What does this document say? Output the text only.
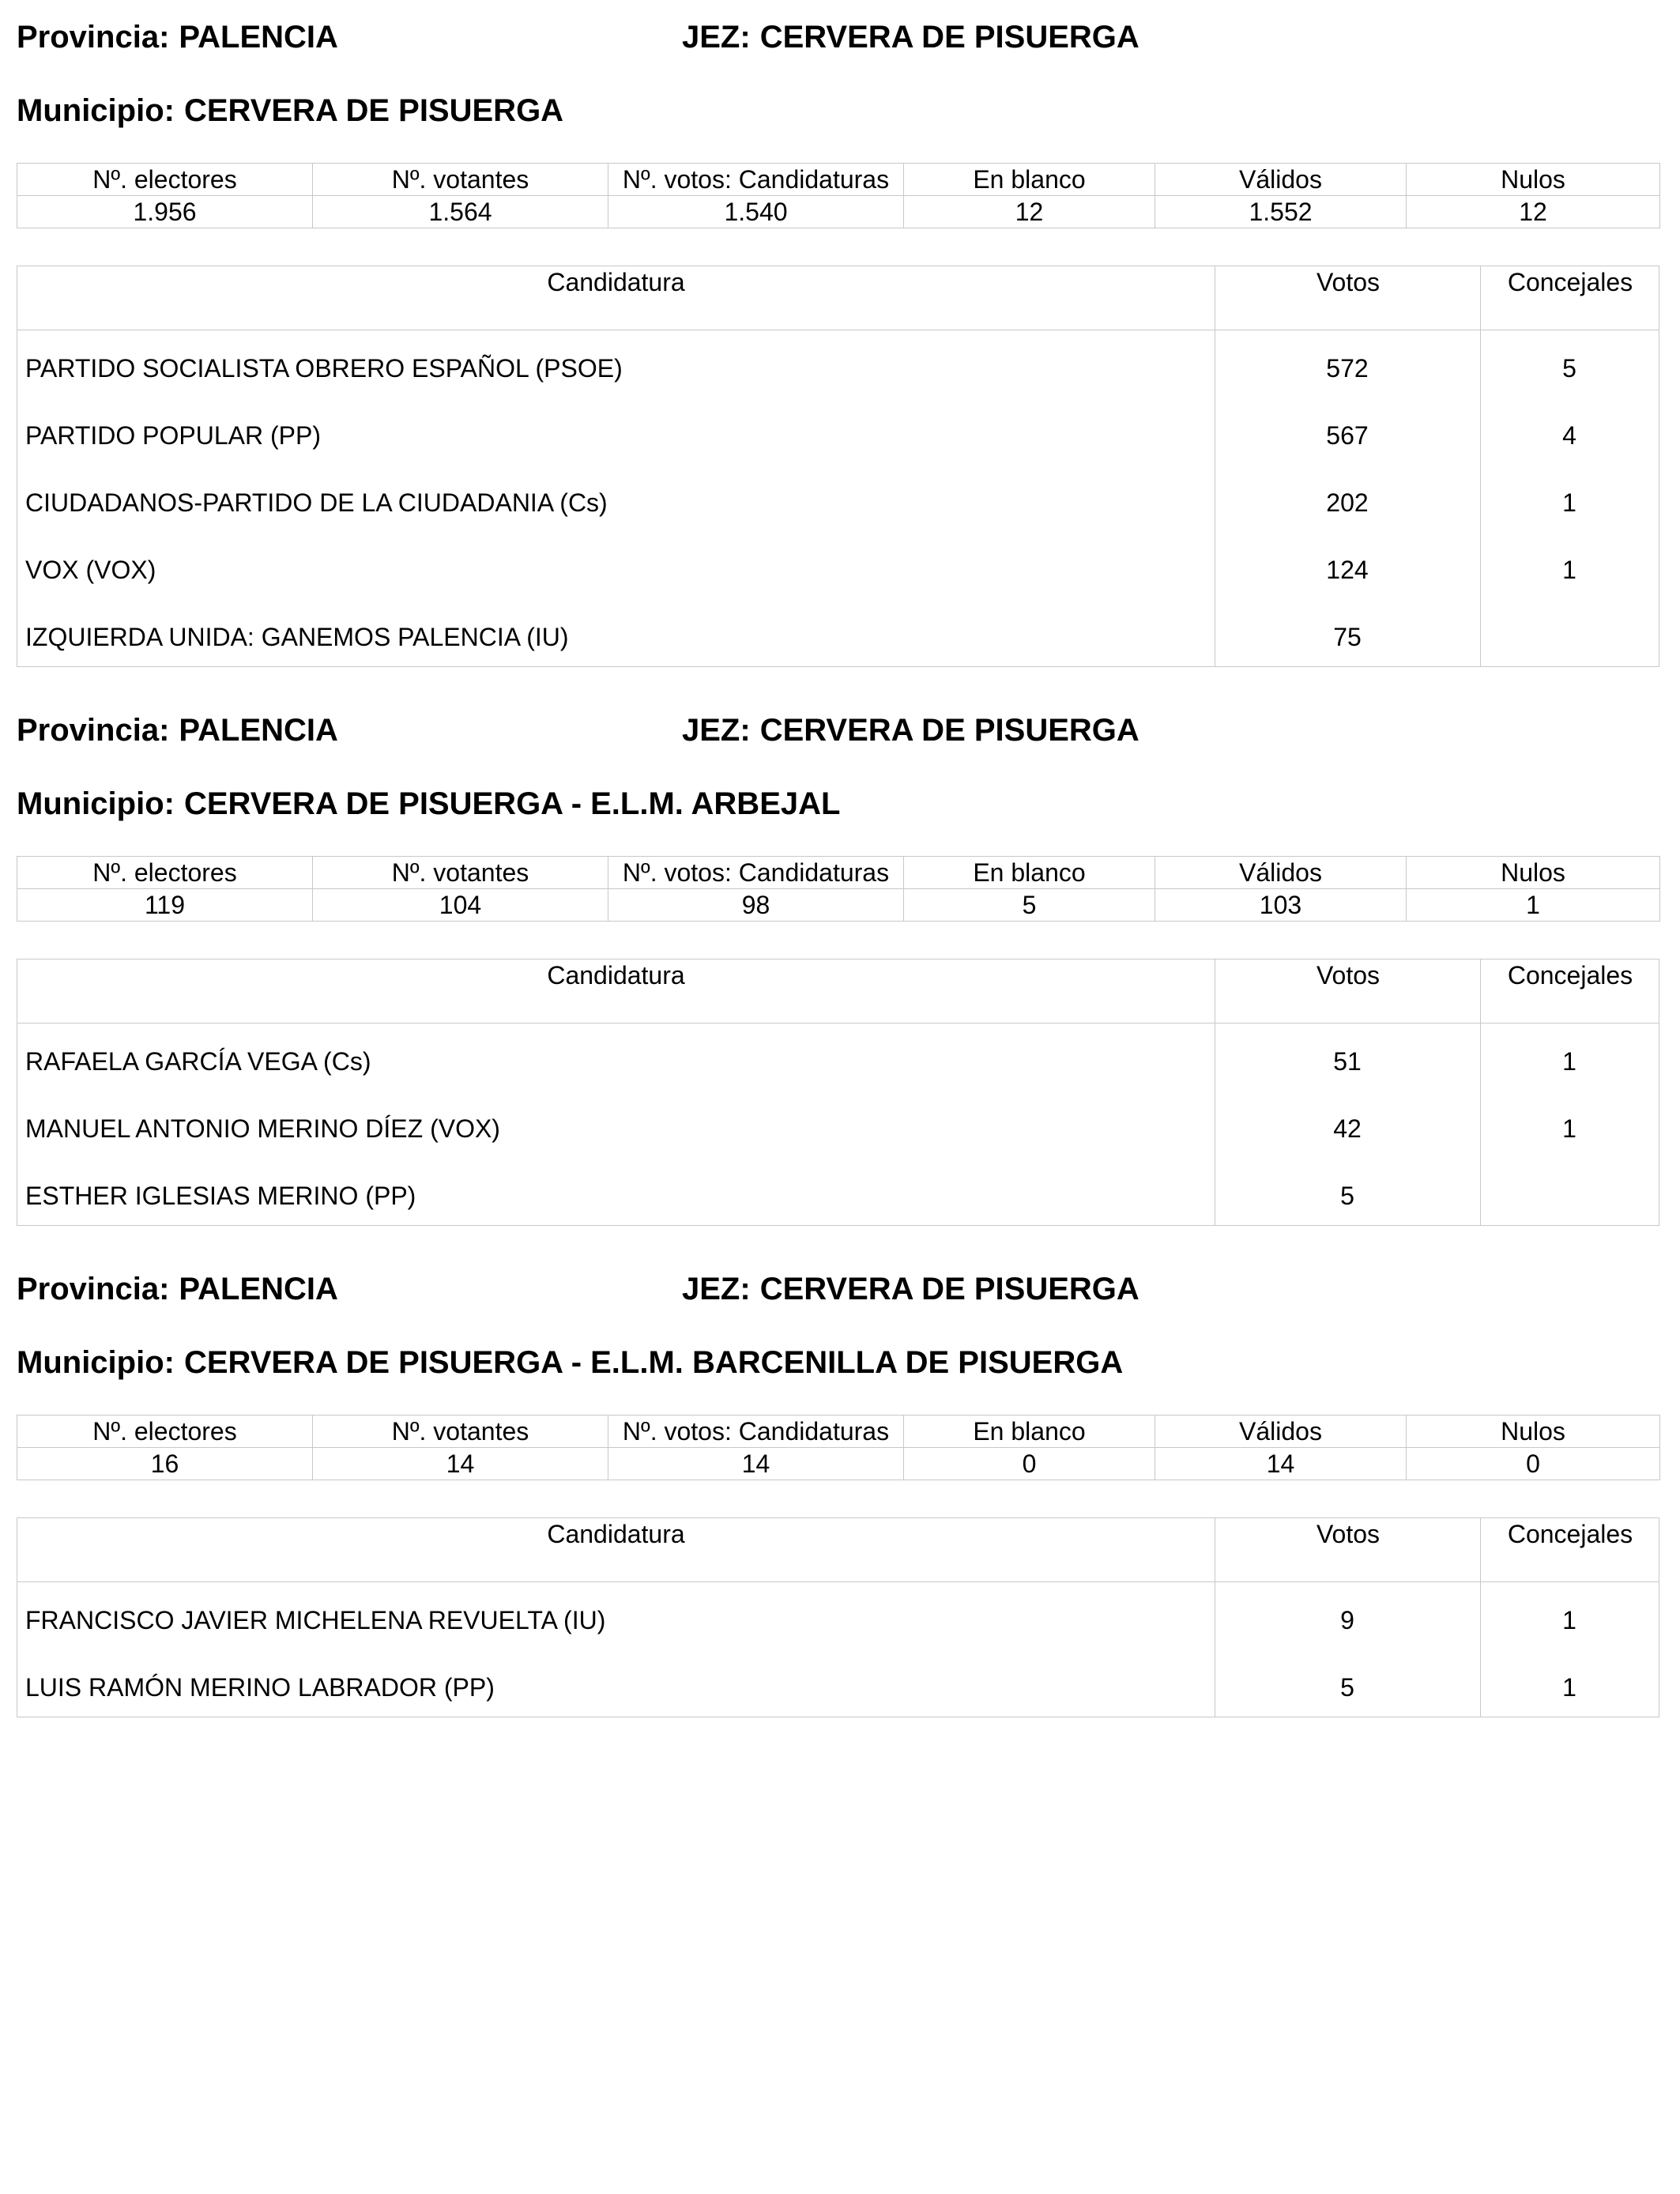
Provincia: PALENCIA	JEZ: CERVERA DE PISUERGA
Municipio: CERVERA DE PISUERGA
Nº. electores	Nº. votantes	Nº. votos: Candidaturas	En blanco	Válidos	Nulos
1.956	1.564	1.540	12	1.552	12
Candidatura	Votos	Concejales
PARTIDO SOCIALISTA OBRERO ESPAÑOL (PSOE)	572	5
PARTIDO POPULAR (PP)	567	4
CIUDADANOS-PARTIDO DE LA CIUDADANIA (Cs)	202	1
VOX (VOX)	124	1
IZQUIERDA UNIDA: GANEMOS PALENCIA (IU)	75
Provincia: PALENCIA	JEZ: CERVERA DE PISUERGA
Municipio: CERVERA DE PISUERGA - E.L.M. ARBEJAL
Nº. electores	Nº. votantes	Nº. votos: Candidaturas	En blanco	Válidos	Nulos
119	104	98	5	103	1
Candidatura	Votos	Concejales
RAFAELA GARCÍA VEGA (Cs)	51	1
MANUEL ANTONIO MERINO DÍEZ (VOX)	42	1
ESTHER IGLESIAS MERINO (PP)	5
Provincia: PALENCIA	JEZ: CERVERA DE PISUERGA
Municipio: CERVERA DE PISUERGA - E.L.M. BARCENILLA DE PISUERGA
Nº. electores	Nº. votantes	Nº. votos: Candidaturas	En blanco	Válidos	Nulos
16	14	14	0	14	0
Candidatura	Votos	Concejales
FRANCISCO JAVIER MICHELENA REVUELTA (IU)	9	1
LUIS RAMÓN MERINO LABRADOR (PP)	5	1
